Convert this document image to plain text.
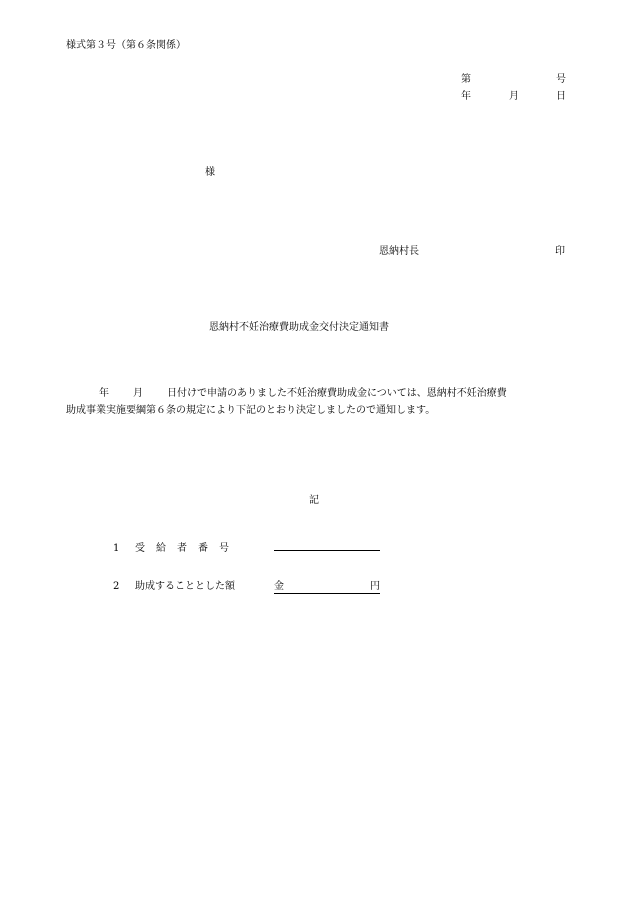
様式第３号（第６条関係）
第	号
年	月	日
様
恩納村長	印
恩納村不妊治療費助成金交付決定通知書
年 月 日付けで申請のありました不妊治療費助成金については、恩納村不妊治療費
助成事業実施要綱第６条の規定により下記のとおり決定しましたので通知します。
記
1	受給者番号
2	助成することとした額	金	円
